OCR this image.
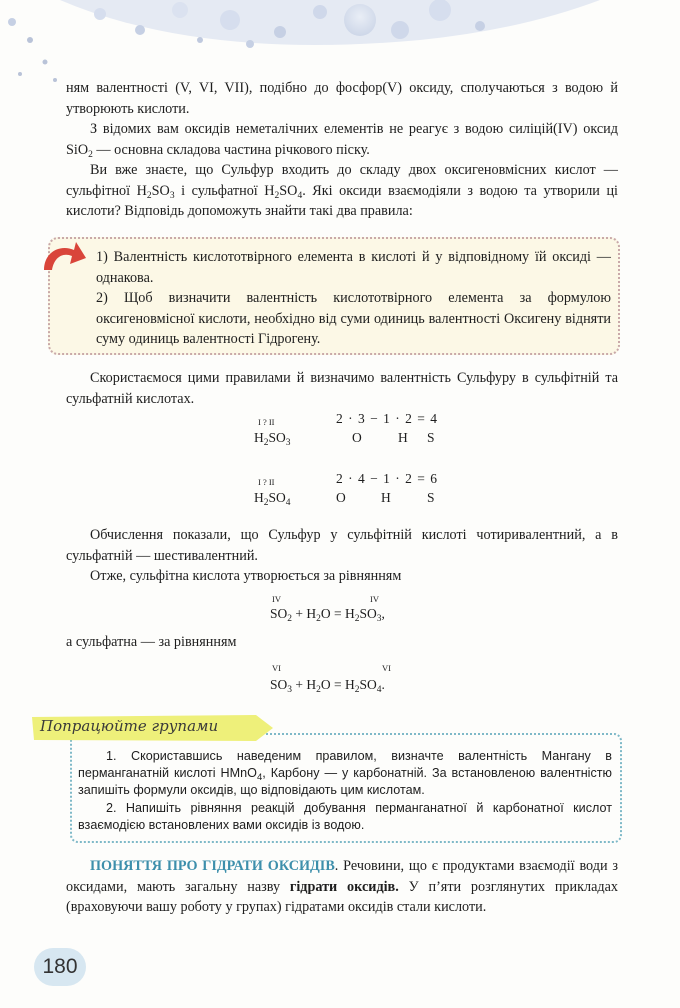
ням валентності (V, VI, VII), подібно до фосфор(V) оксиду, сполучаються з водою й утворюють кислоти.

З відомих вам оксидів неметалічних елементів не реагує з водою силіцій(IV) оксид SiO$_2$ — основна складова частина річкового піску.

Ви вже знаєте, що Сульфур входить до складу двох оксигеновмісних кислот — сульфітної $H_2SO_3$ і сульфатної $H_2SO_4$. Які оксиди взаємодіяли з водою та утворили ці кислоти? Відповідь допоможуть знайти такі два правила:

1) Валентність кислототвірного елемента в кислоті й у відповідному їй оксиді — однакова.
2) Щоб визначити валентність кислототвірного елемента за формулою оксигеновмісної кислоти, необхідно від суми одиниць валентності Оксигену відняти суму одиниць валентності Гідрогену.

Скористаємося цими правилами й визначимо валентність Сульфуру в сульфітній та сульфатній кислотах.

I ? II
$H_2SO_3$
2 · 3 − 1 · 2 = 4
O	H S
I ? II
$H_2SO_4$
2 · 4 − 1 · 2 = 6
O	H	S

Обчислення показали, що Сульфур у сульфітній кислоті чотиривалентний, а в сульфатній — шестивалентний.

Отже, сульфітна кислота утворюється за рівнянням

IV	IV
$SO_2 + H_2O = H_2SO_3$,

а сульфатна — за рівнянням

VI	VI
$SO_3 + H_2O = H_2SO_4$.
Попрацюйте групами
1. Скориставшись наведеним правилом, визначте валентність Мангану в перманганатній кислоті HMnO$_4$, Карбону — у карбонатній. За встановленою валентністю запишіть формули оксидів, що відповідають цим кислотам.
2. Напишіть рівняння реакцій добування перманганатної й карбонатної кислот взаємодією встановлених вами оксидів із водою.

ПОНЯТТЯ ПРО ГІДРАТИ ОКСИДІВ. Речовини, що є продуктами взаємодії води з оксидами, мають загальну назву гідрати оксидів. У п’яти розглянутих прикладах (враховуючи вашу роботу у групах) гідратами оксидів стали кислоти.

180
